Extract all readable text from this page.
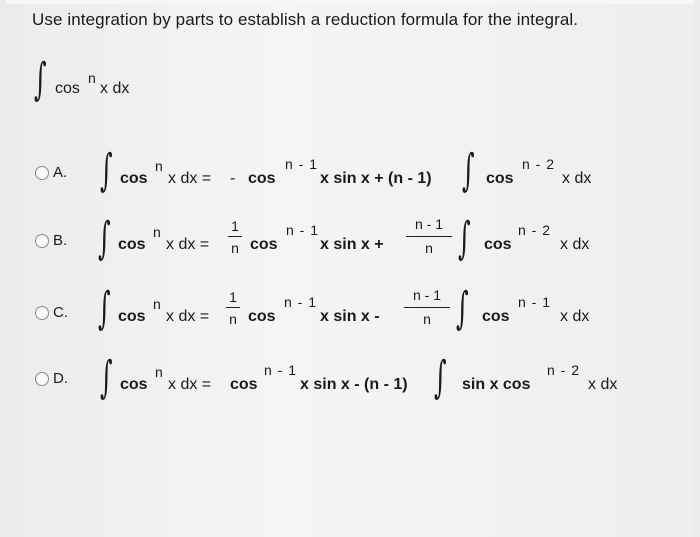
Use integration by parts to establish a reduction formula for the integral.
∫ cos
n
x dx
A. ∫ cos
n
x dx = - cos
n - 1
x sin x + (n - 1) ∫ cos
n - 2
x dx
B. ∫ cos
n
x dx =
1
n cos
n - 1
x sin x +
n - 1
n ∫ cos
n - 2
x dx
C. ∫ cos
n
x dx =
1
n cos
n - 1
x sin x -
n - 1
n ∫ cos
n - 1
x dx
D. ∫ cos
n
x dx = cos
n - 1
x sin x - (n - 1) ∫ sin x cos
n - 2
x dx
